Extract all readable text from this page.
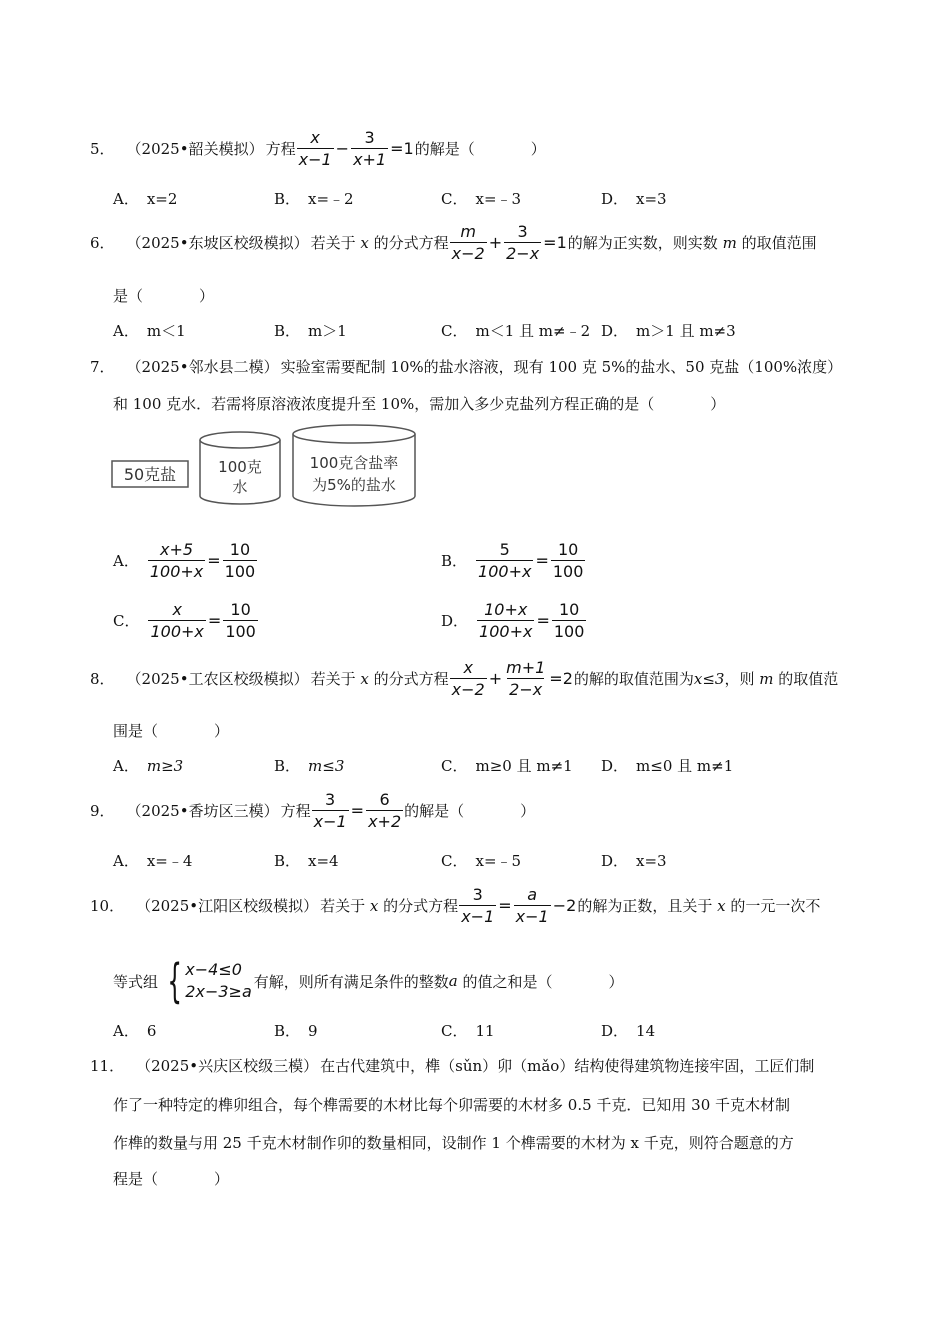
5． （2025•韶关模拟） 方程 $\frac{x}{x-1} - \frac{3}{x+1} =1$ 的解是（	）
A． x=2	B． x=﹣2	C． x=﹣3	D． x=3
6． （2025•东坡区校级模拟） 若关于
x
的分式方程 $\frac{m}{x-2} + \frac{3}{2-x} =1$ 的解为正实数，则实数
m
的取值范围
是（	）
A． m＜1	B． m＞1	C． m＜1 且 m≠﹣2 D． m＞1 且 m≠3
7． （2025•邻水县二模） 实验室需要配制 10%的盐水溶液，现有 100 克 5%的盐水、50 克盐（100%浓度）
和 100 克水．若需将原溶液浓度提升至 10%，需加入多少克盐列方程正确的是（	）
50克盐	100克
水
100克含盐率
为5%的盐水
A． $\frac{x+5}{100+x} = \frac{10}{100}$	B． $\frac{5}{100+x} = \frac{10}{100}$
C． $\frac{x}{100+x} = \frac{10}{100}$	D． $\frac{10+x}{100+x} = \frac{10}{100}$
8． （2025•工农区校级模拟） 若关于
x
的分式方程 $\frac{x}{x-2} + \frac{m+1}{2-x} =2$ 的解的取值范围为 x≤3 ，则
m
的取值范
围是（	）
A． m≥3	B． m≤3	C． m≥0 且 m≠1 D． m≤0 且 m≠1
9． （2025•香坊区三模） 方程 $\frac{3}{x-1} = \frac{6}{x+2}$ 的解是（	）
A． x=﹣4	B． x=4	C． x=﹣5	D． x=3
10． （2025•江阳区校级模拟） 若关于
x
的分式方程 $\frac{3}{x-1} = \frac{a}{x-1} -2$ 的解为正数，且关于
x
的一元一次不
等式组 { x−4≤0
2x−3≥a
有解，则所有满足条件的整数 a
的值之和是（	）
A． 6	B． 9	C． 11	D． 14
11． （2025•兴庆区校级三模） 在古代建筑中，榫（sǔn）卯（mǎo）结构使得建筑物连接牢固，工匠们制
作了一种特定的榫卯组合，每个榫需要的木材比每个卯需要的木材多 0.5 千克．已知用 30 千克木材制
作榫的数量与用 25 千克木材制作卯的数量相同，设制作 1 个榫需要的木材为 x 千克，则符合题意的方
程是（	）
